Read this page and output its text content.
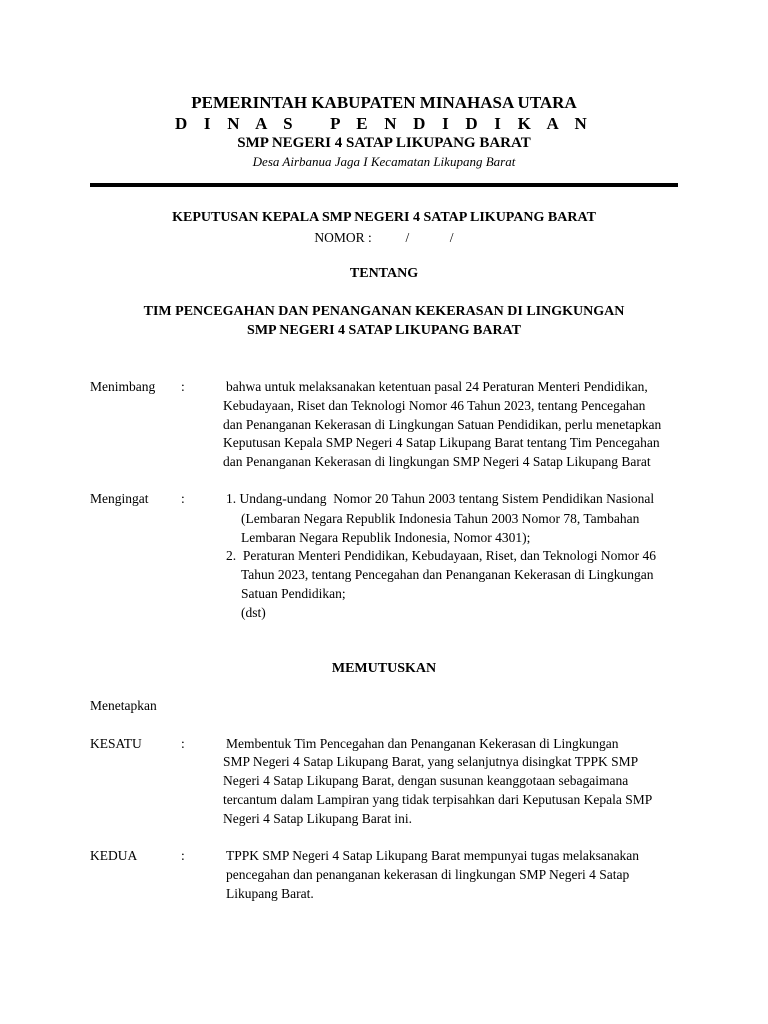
PEMERINTAH KABUPATEN MINAHASA UTARA
D I N A S   P E N D I D I K A N
SMP NEGERI 4 SATAP LIKUPANG BARAT
Desa Airbanua Jaga I Kecamatan Likupang Barat
KEPUTUSAN KEPALA SMP NEGERI 4 SATAP LIKUPANG BARAT
NOMOR :          /            /
TENTANG
TIM PENCEGAHAN DAN PENANGANAN KEKERASAN DI LINGKUNGAN
SMP NEGERI 4 SATAP LIKUPANG BARAT
Menimbang :	bahwa untuk melaksanakan ketentuan pasal 24 Peraturan Menteri Pendidikan,
Kebudayaan, Riset dan Teknologi Nomor 46 Tahun 2023, tentang Pencegahan
dan Penanganan Kekerasan di Lingkungan Satuan Pendidikan, perlu menetapkan
Keputusan Kepala SMP Negeri 4 Satap Likupang Barat tentang Tim Pencegahan
dan Penanganan Kekerasan di lingkungan SMP Negeri 4 Satap Likupang Barat
Mengingat :	1. Undang-undang  Nomor 20 Tahun 2003 tentang Sistem Pendidikan Nasional
(Lembaran Negara Republik Indonesia Tahun 2003 Nomor 78, Tambahan
Lembaran Negara Republik Indonesia, Nomor 4301);
2.  Peraturan Menteri Pendidikan, Kebudayaan, Riset, dan Teknologi Nomor 46
Tahun 2023, tentang Pencegahan dan Penanganan Kekerasan di Lingkungan
Satuan Pendidikan;
(dst)
MEMUTUSKAN
Menetapkan
KESATU	:	Membentuk Tim Pencegahan dan Penanganan Kekerasan di Lingkungan
SMP Negeri 4 Satap Likupang Barat, yang selanjutnya disingkat TPPK SMP
Negeri 4 Satap Likupang Barat, dengan susunan keanggotaan sebagaimana
tercantum dalam Lampiran yang tidak terpisahkan dari Keputusan Kepala SMP
Negeri 4 Satap Likupang Barat ini.
KEDUA	:	TPPK SMP Negeri 4 Satap Likupang Barat mempunyai tugas melaksanakan
pencegahan dan penanganan kekerasan di lingkungan SMP Negeri 4 Satap
Likupang Barat.
